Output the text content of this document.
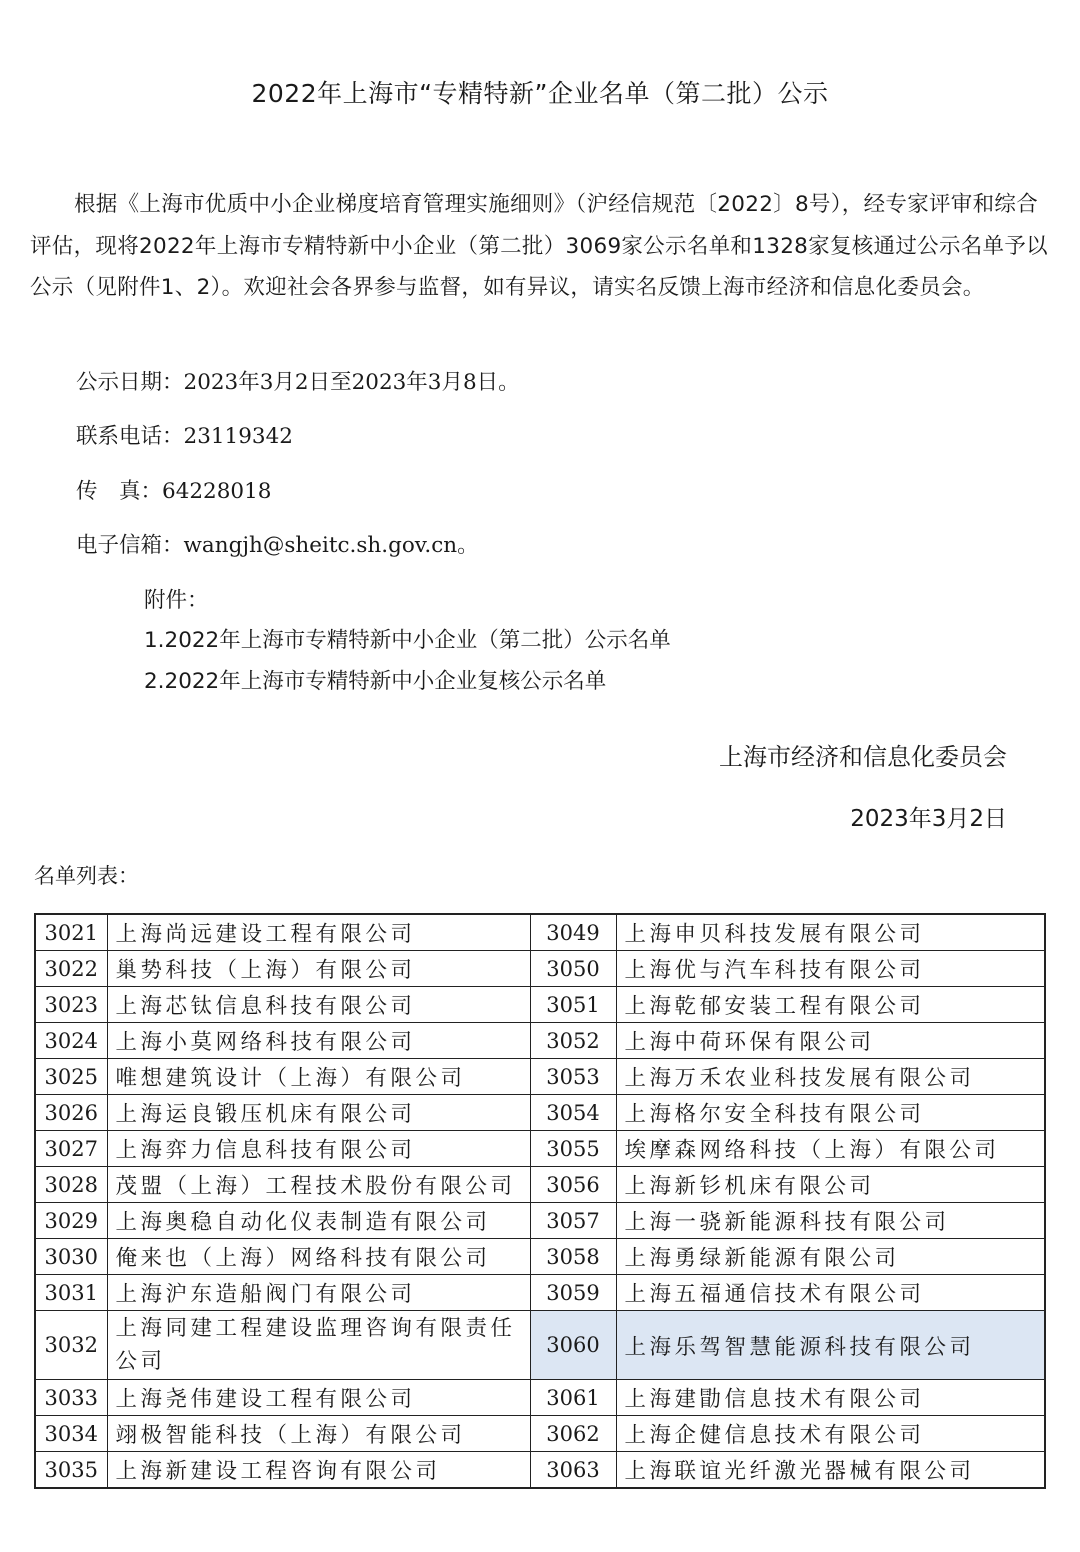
2022年上海市“专精特新”企业名单（第二批）公示

根据《上海市优质中小企业梯度培育管理实施细则》（沪经信规范〔2022〕8号），经专家评审和综合评估，现将2022年上海市专精特新中小企业（第二批）3069家公示名单和1328家复核通过公示名单予以公示（见附件1、2）。欢迎社会各界参与监督，如有异议，请实名反馈上海市经济和信息化委员会。

公示日期：2023年3月2日至2023年3月8日。

联系电话：23119342

传　真：64228018

电子信箱：wangjh@sheitc.sh.gov.cn。

附件：

1.2022年上海市专精特新中小企业（第二批）公示名单

2.2022年上海市专精特新中小企业复核公示名单

上海市经济和信息化委员会

2023年3月2日

名单列表：

3021	上海尚远建设工程有限公司	3049	上海申贝科技发展有限公司
3022	巢势科技（上海）有限公司	3050	上海优与汽车科技有限公司
3023	上海芯钛信息科技有限公司	3051	上海乾郁安装工程有限公司
3024	上海小莫网络科技有限公司	3052	上海中荷环保有限公司
3025	唯想建筑设计（上海）有限公司	3053	上海万禾农业科技发展有限公司
3026	上海运良锻压机床有限公司	3054	上海格尔安全科技有限公司
3027	上海弈力信息科技有限公司	3055	埃摩森网络科技（上海）有限公司
3028	茂盟（上海）工程技术股份有限公司	3056	上海新钐机床有限公司
3029	上海奥稳自动化仪表制造有限公司	3057	上海一骁新能源科技有限公司
3030	俺来也（上海）网络科技有限公司	3058	上海勇绿新能源有限公司
3031	上海沪东造船阀门有限公司	3059	上海五福通信技术有限公司
3032	上海同建工程建设监理咨询有限责任公司	3060	上海乐驾智慧能源科技有限公司
3033	上海尧伟建设工程有限公司	3061	上海建勖信息技术有限公司
3034	翊极智能科技（上海）有限公司	3062	上海企健信息技术有限公司
3035	上海新建设工程咨询有限公司	3063	上海联谊光纤激光器械有限公司
